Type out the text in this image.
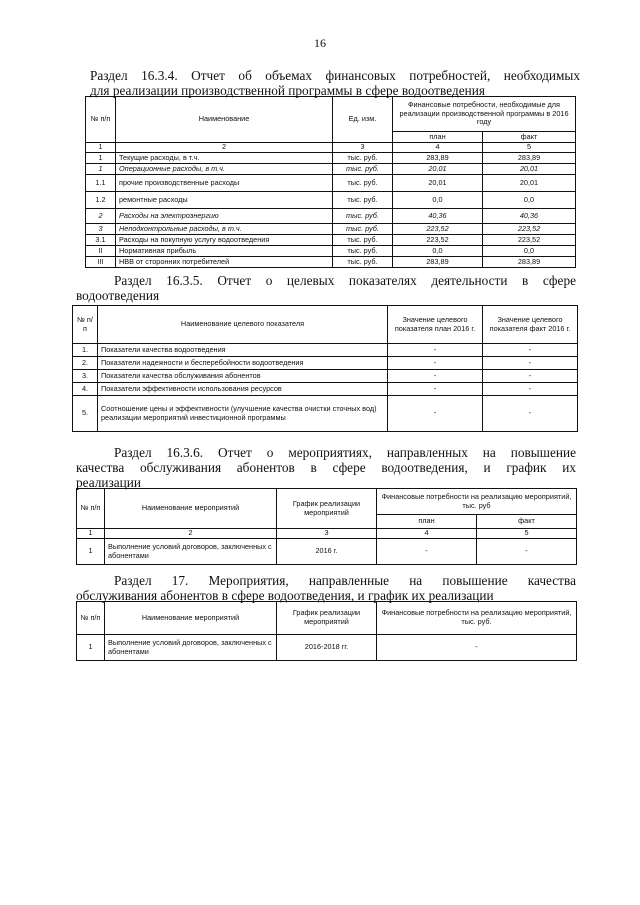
16
Раздел 16.3.4. Отчет об объемах финансовых потребностей, необходимых
для реализации производственной программы в сфере водоотведения
№ п/п	Наименование	Ед. изм.	Финансовые потребности, необходимые для реализации производственной программы в 2016 году	
			план	факт
1	2	3	4	5
1	Текущие расходы, в т.ч.	тыс. руб.	283,89	283,89
1	Операционные расходы, в т.ч.	тыс. руб.	20,01	20,01
1.1	прочие производственные расходы	тыс. руб.	20,01	20,01
1.2	ремонтные расходы	тыс. руб.	0,0	0,0
2	Расходы на электроэнергию	тыс. руб.	40,36	40,36
3	Неподконтрольные расходы, в т.ч.	тыс. руб.	223,52	223,52
3.1	Расходы на покупную услугу водоотведения	тыс. руб.	223,52	223,52
II	Нормативная прибыль	тыс. руб.	0,0	0,0
III	НВВ от сторонних потребителей	тыс. руб.	283,89	283,89
Раздел 16.3.5. Отчет о целевых показателях деятельности в сфере
водоотведения
№ п/п	Наименование целевого показателя	Значение целевого показателя план 2016 г.	Значение целевого показателя факт 2016 г.
1.	Показатели качества водоотведения	-	-
2.	Показатели надежности и бесперебойности водоотведения	-	-
3.	Показатели качества обслуживания абонентов	-	-
4.	Показатели эффективности использования ресурсов	-	-
5.	Соотношение цены и эффективности (улучшение качества очистки сточных вод) реализации мероприятий инвестиционной программы	-	-
Раздел 16.3.6. Отчет о мероприятиях, направленных на повышение
качества обслуживания абонентов в сфере водоотведения, и график их
реализации
№ п/п	Наименование мероприятий	График реализации мероприятий	Финансовые потребности на реализацию мероприятий, тыс. руб	
			план	факт
1	2	3	4	5
1	Выполнение условий договоров, заключенных с абонентами	2016 г.	-	-
Раздел 17. Мероприятия, направленные на повышение качества
обслуживания абонентов в сфере водоотведения, и график их реализации
№ п/п	Наименование мероприятий	График реализации мероприятий	Финансовые потребности на реализацию мероприятий, тыс. руб.
1	Выполнение условий договоров, заключенных с абонентами	2016-2018 гг.	-
